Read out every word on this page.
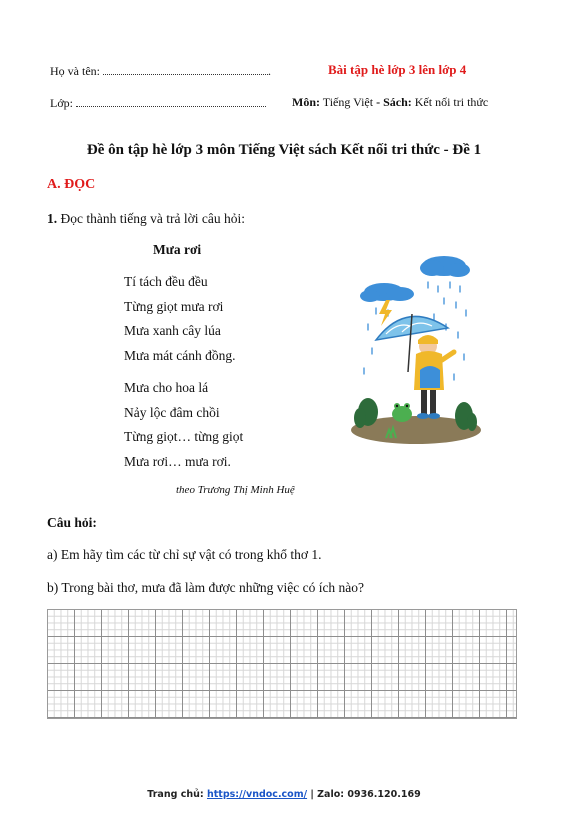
Họ và tên:	.	Bài tập hè lớp 3 lên lớp 4
Lớp:	Môn: Tiếng Việt - Sách: Kết nối tri thức
Đề ôn tập hè lớp 3 môn Tiếng Việt sách Kết nối tri thức - Đề 1
A. ĐỌC
1. Đọc thành tiếng và trả lời câu hỏi:
Mưa rơi
Tí tách đều đều
Từng giọt mưa rơi
Mưa xanh cây lúa
Mưa mát cánh đồng.
Mưa cho hoa lá
Nảy lộc đâm chồi
Từng giọt… từng giọt
Mưa rơi… mưa rơi.
theo Trương Thị Minh Huệ
Câu hỏi:
a) Em hãy tìm các từ chỉ sự vật có trong khổ thơ 1.
b) Trong bài thơ, mưa đã làm được những việc có ích nào?
Trang chủ: https://vndoc.com/ | Zalo: 0936.120.169
